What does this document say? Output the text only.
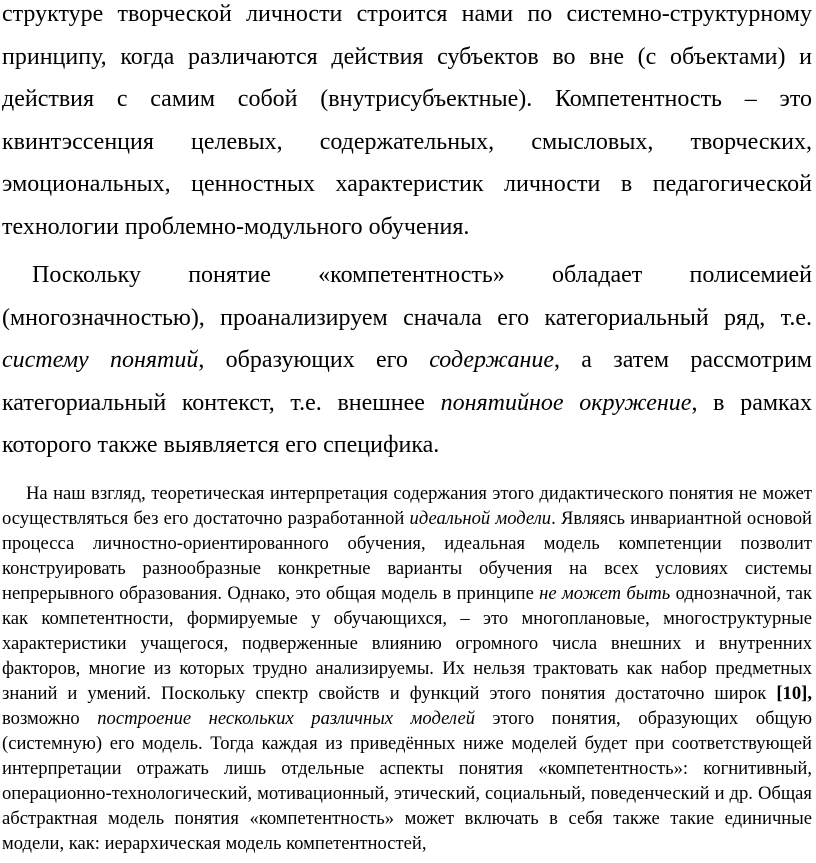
структуре творческой личности строится нами по системно-структурному принципу, когда различаются действия субъектов во вне (с объектами) и действия с самим собой (внутрисубъектные). Компетентность – это квинтэссенция целевых, содержательных, смысловых, творческих, эмоциональных, ценностных характеристик личности в педагогической технологии проблемно-модульного обучения.

Поскольку понятие «компетентность» обладает полисемией (многозначностью), проанализируем сначала его категориальный ряд, т.е. систему понятий, образующих его содержание, а затем рассмотрим категориальный контекст, т.е. внешнее понятийное окружение, в рамках которого также выявляется его специфика.

На наш взгляд, теоретическая интерпретация содержания этого дидактического понятия не может осуществляться без его достаточно разработанной идеальной модели. Являясь инвариантной основой процесса личностно-ориентированного обучения, идеальная модель компетенции позволит конструировать разнообразные конкретные варианты обучения на всех условиях системы непрерывного образования. Однако, это общая модель в принципе не может быть однозначной, так как компетентности, формируемые у обучающихся, – это многоплановые, многоструктурные характеристики учащегося, подверженные влиянию огромного числа внешних и внутренних факторов, многие из которых трудно анализируемы. Их нельзя трактовать как набор предметных знаний и умений. Поскольку спектр свойств и функций этого понятия достаточно широк [10], возможно построение нескольких различных моделей этого понятия, образующих общую (системную) его модель. Тогда каждая из приведённых ниже моделей будет при соответствующей интерпретации отражать лишь отдельные аспекты понятия «компетентность»: когнитивный, операционно-технологический, мотивационный, этический, социальный, поведенческий и др. Общая абстрактная модель понятия «компетентность» может включать в себя также такие единичные модели, как: иерархическая модель компетентностей,
